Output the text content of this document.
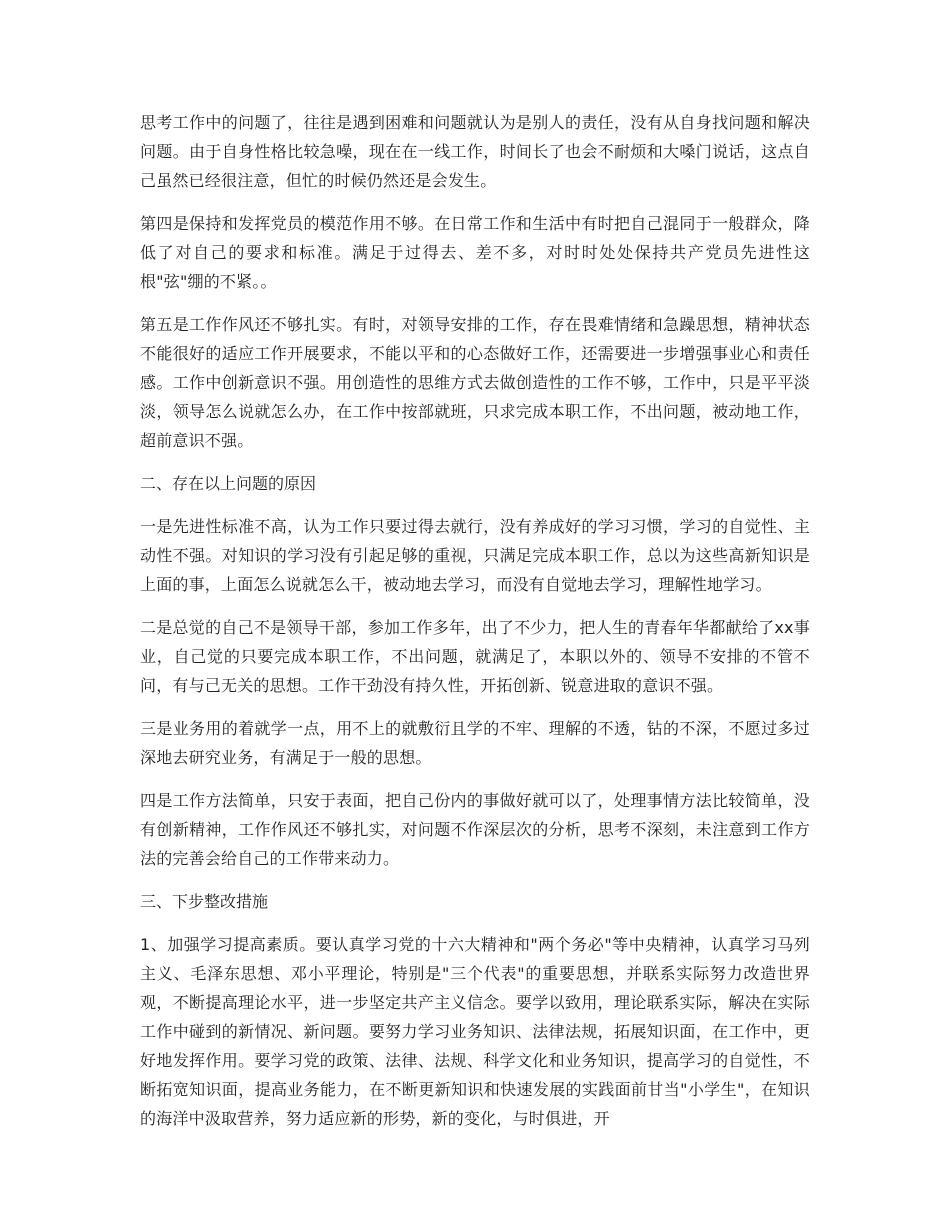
思考工作中的问题了，往往是遇到困难和问题就认为是别人的责任，没有从自身找问题和解决问题。由于自身性格比较急噪，现在在一线工作，时间长了也会不耐烦和大嗓门说话，这点自己虽然已经很注意，但忙的时候仍然还是会发生。

第四是保持和发挥党员的模范作用不够。在日常工作和生活中有时把自己混同于一般群众，降低了对自己的要求和标准。满足于过得去、差不多，对时时处处保持共产党员先进性这根"弦"绷的不紧。。

第五是工作作风还不够扎实。有时，对领导安排的工作，存在畏难情绪和急躁思想，精神状态不能很好的适应工作开展要求，不能以平和的心态做好工作，还需要进一步增强事业心和责任感。工作中创新意识不强。用创造性的思维方式去做创造性的工作不够，工作中，只是平平淡淡，领导怎么说就怎么办，在工作中按部就班，只求完成本职工作，不出问题，被动地工作，超前意识不强。

二、存在以上问题的原因

一是先进性标准不高，认为工作只要过得去就行，没有养成好的学习习惯，学习的自觉性、主动性不强。对知识的学习没有引起足够的重视，只满足完成本职工作，总以为这些高新知识是上面的事，上面怎么说就怎么干，被动地去学习，而没有自觉地去学习，理解性地学习。

二是总觉的自己不是领导干部，参加工作多年，出了不少力，把人生的青春年华都献给了xx事业，自己觉的只要完成本职工作，不出问题，就满足了，本职以外的、领导不安排的不管不问，有与己无关的思想。工作干劲没有持久性，开拓创新、锐意进取的意识不强。

三是业务用的着就学一点，用不上的就敷衍且学的不牢、理解的不透，钻的不深，不愿过多过深地去研究业务，有满足于一般的思想。

四是工作方法简单，只安于表面，把自己份内的事做好就可以了，处理事情方法比较简单，没有创新精神，工作作风还不够扎实，对问题不作深层次的分析，思考不深刻，未注意到工作方法的完善会给自己的工作带来动力。

三、下步整改措施

1、加强学习提高素质。要认真学习党的十六大精神和"两个务必"等中央精神，认真学习马列主义、毛泽东思想、邓小平理论，特别是"三个代表"的重要思想，并联系实际努力改造世界观，不断提高理论水平，进一步坚定共产主义信念。要学以致用，理论联系实际，解决在实际工作中碰到的新情况、新问题。要努力学习业务知识、法律法规，拓展知识面，在工作中，更好地发挥作用。要学习党的政策、法律、法规、科学文化和业务知识，提高学习的自觉性，不断拓宽知识面，提高业务能力，在不断更新知识和快速发展的实践面前甘当"小学生"，在知识的海洋中汲取营养，努力适应新的形势，新的变化，与时俱进，开
